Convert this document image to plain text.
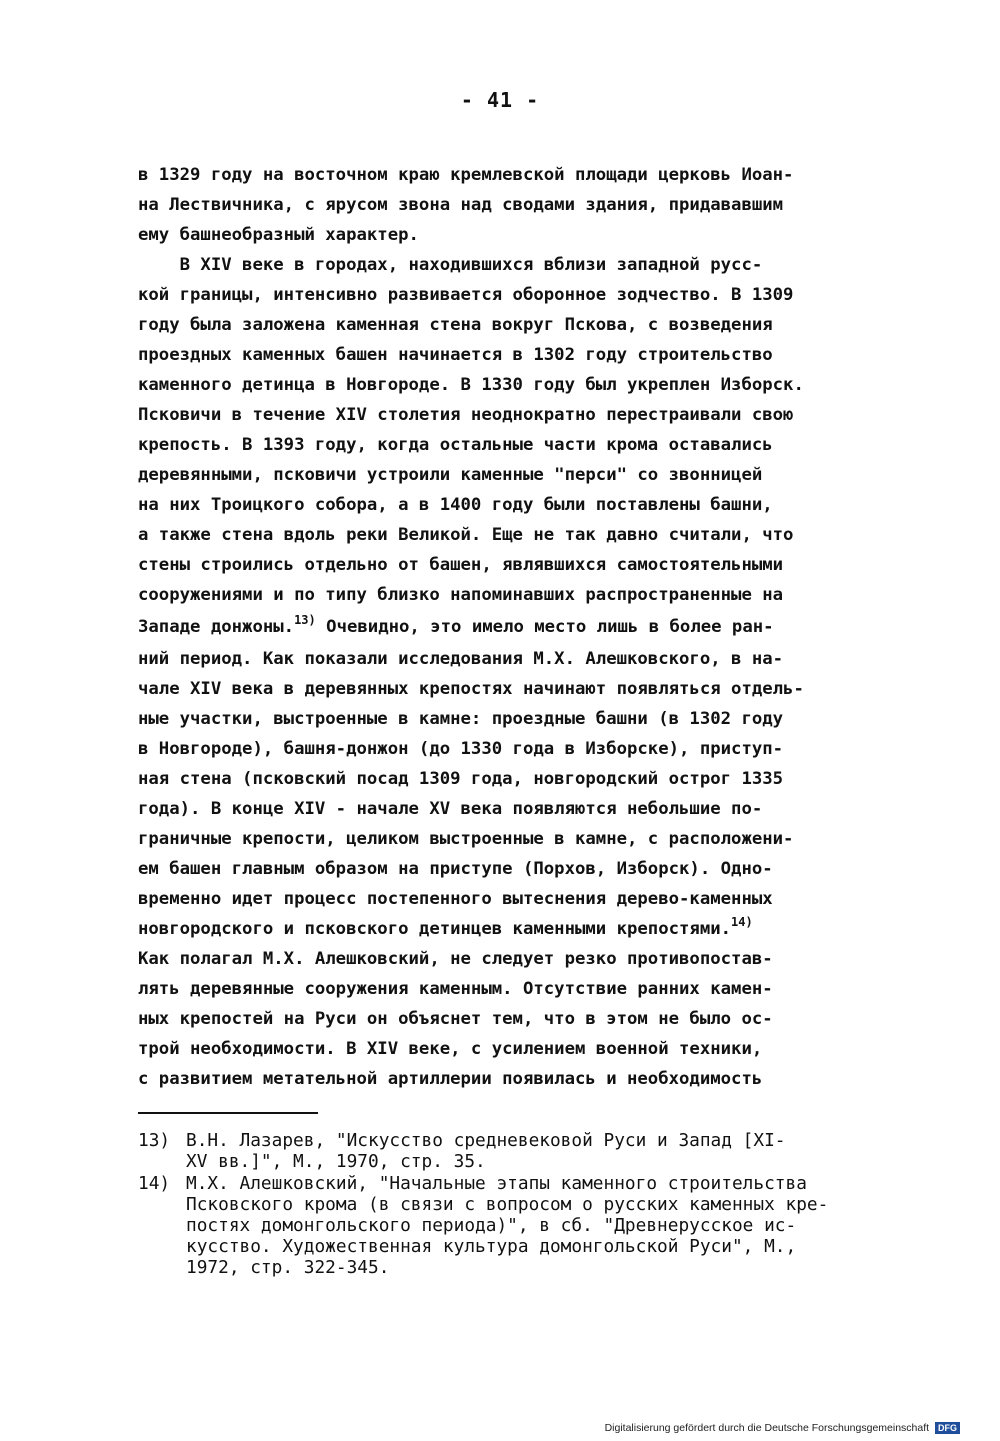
- 41 -
в 1329 году на восточном краю кремлевской площади церковь Иоан-
на Лествичника, с ярусом звона над сводами здания, придававшим
ему башнеобразный характер.
В XIV веке в городах, находившихся вблизи западной русс-
кой границы, интенсивно развивается оборонное зодчество. В 1309
году была заложена каменная стена вокруг Пскова, с возведения
проездных каменных башен начинается в 1302 году строительство
каменного детинца в Новгороде. В 1330 году был укреплен Изборск.
Псковичи в течение XIV столетия неоднократно перестраивали свою
крепость. В 1393 году, когда остальные части крома оставались
деревянными, псковичи устроили каменные "перси" со звонницей
на них Троицкого собора, а в 1400 году были поставлены башни,
а также стена вдоль реки Великой. Еще не так давно считали, что
стены строились отдельно от башен, являвшихся самостоятельными
сооружениями и по типу близко напоминавших распространенные на
Западе донжоны.$^{13)}$ Очевидно, это имело место лишь в более ран-
ний период. Как показали исследования М.Х. Алешковского, в на-
чале XIV века в деревянных крепостях начинают появляться отдель-
ные участки, выстроенные в камне: проездные башни (в 1302 году
в Новгороде), башня-донжон (до 1330 года в Изборске), приступ-
ная стена (псковский посад 1309 года, новгородский острог 1335
года). В конце XIV - начале XV века появляются небольшие по-
граничные крепости, целиком выстроенные в камне, с расположени-
ем башен главным образом на приступе (Порхов, Изборск). Одно-
временно идет процесс постепенного вытеснения дерево-каменных
новгородского и псковского детинцев каменными крепостями.$^{14)}$
Как полагал М.Х. Алешковский, не следует резко противопостав-
лять деревянные сооружения каменным. Отсутствие ранних камен-
ных крепостей на Руси он объяснет тем, что в этом не было ос-
трой необходимости. В XIV веке, с усилением военной техники,
с развитием метательной артиллерии появилась и необходимость
13) В.Н. Лазарев, "Искусство средневековой Руси и Запад [XI-
XV вв.]", М., 1970, стр. 35.
14) М.Х. Алешковский, "Начальные этапы каменного строительства
Псковского крома (в связи с вопросом о русских каменных кре-
постях домонгольского периода)", в сб. "Древнерусское ис-
кусство. Художественная культура домонгольской Руси", М.,
1972, стр. 322-345.
Digitalisierung gefördert durch die Deutsche Forschungsgemeinschaft DFG
